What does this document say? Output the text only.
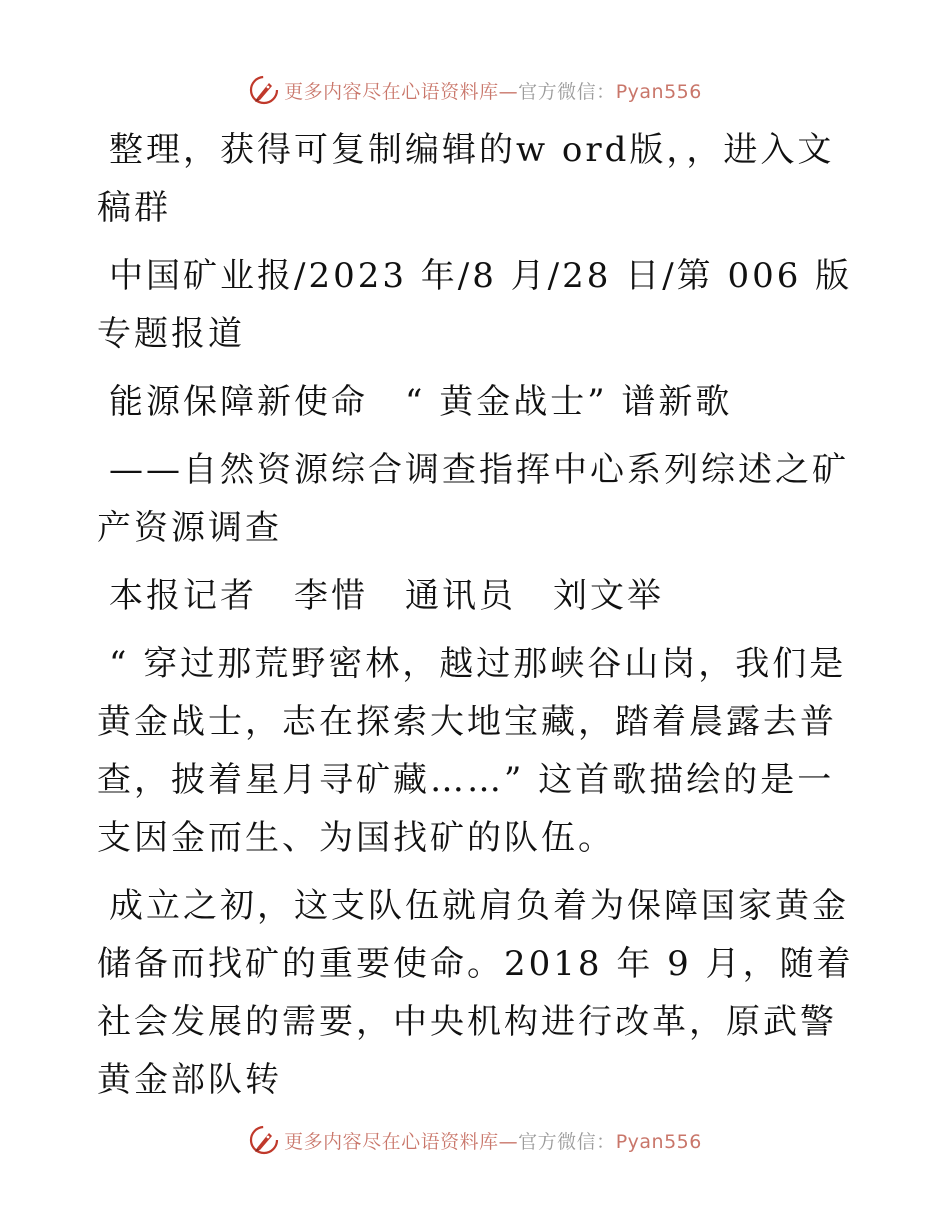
更多内容尽在心语资料库—官方微信：Pyan556

整理，获得可复制编辑的w ord版，，进入文稿群

中国矿业报/2023 年/8 月/28 日/第 006 版专题报道

能源保障新使命　“ 黄金战士” 谱新歌

——自然资源综合调查指挥中心系列综述之矿产资源调查

本报记者　李惜　通讯员　刘文举

“ 穿过那荒野密林，越过那峡谷山岗，我们是黄金战士，志在探索大地宝藏，踏着晨露去普查，披着星月寻矿藏……” 这首歌描绘的是一支因金而生、为国找矿的队伍。

成立之初，这支队伍就肩负着为保障国家黄金储备而找矿的重要使命。2018 年 9 月，随着社会发展的需要，中央机构进行改革，原武警黄金部队转

更多内容尽在心语资料库—官方微信：Pyan556
